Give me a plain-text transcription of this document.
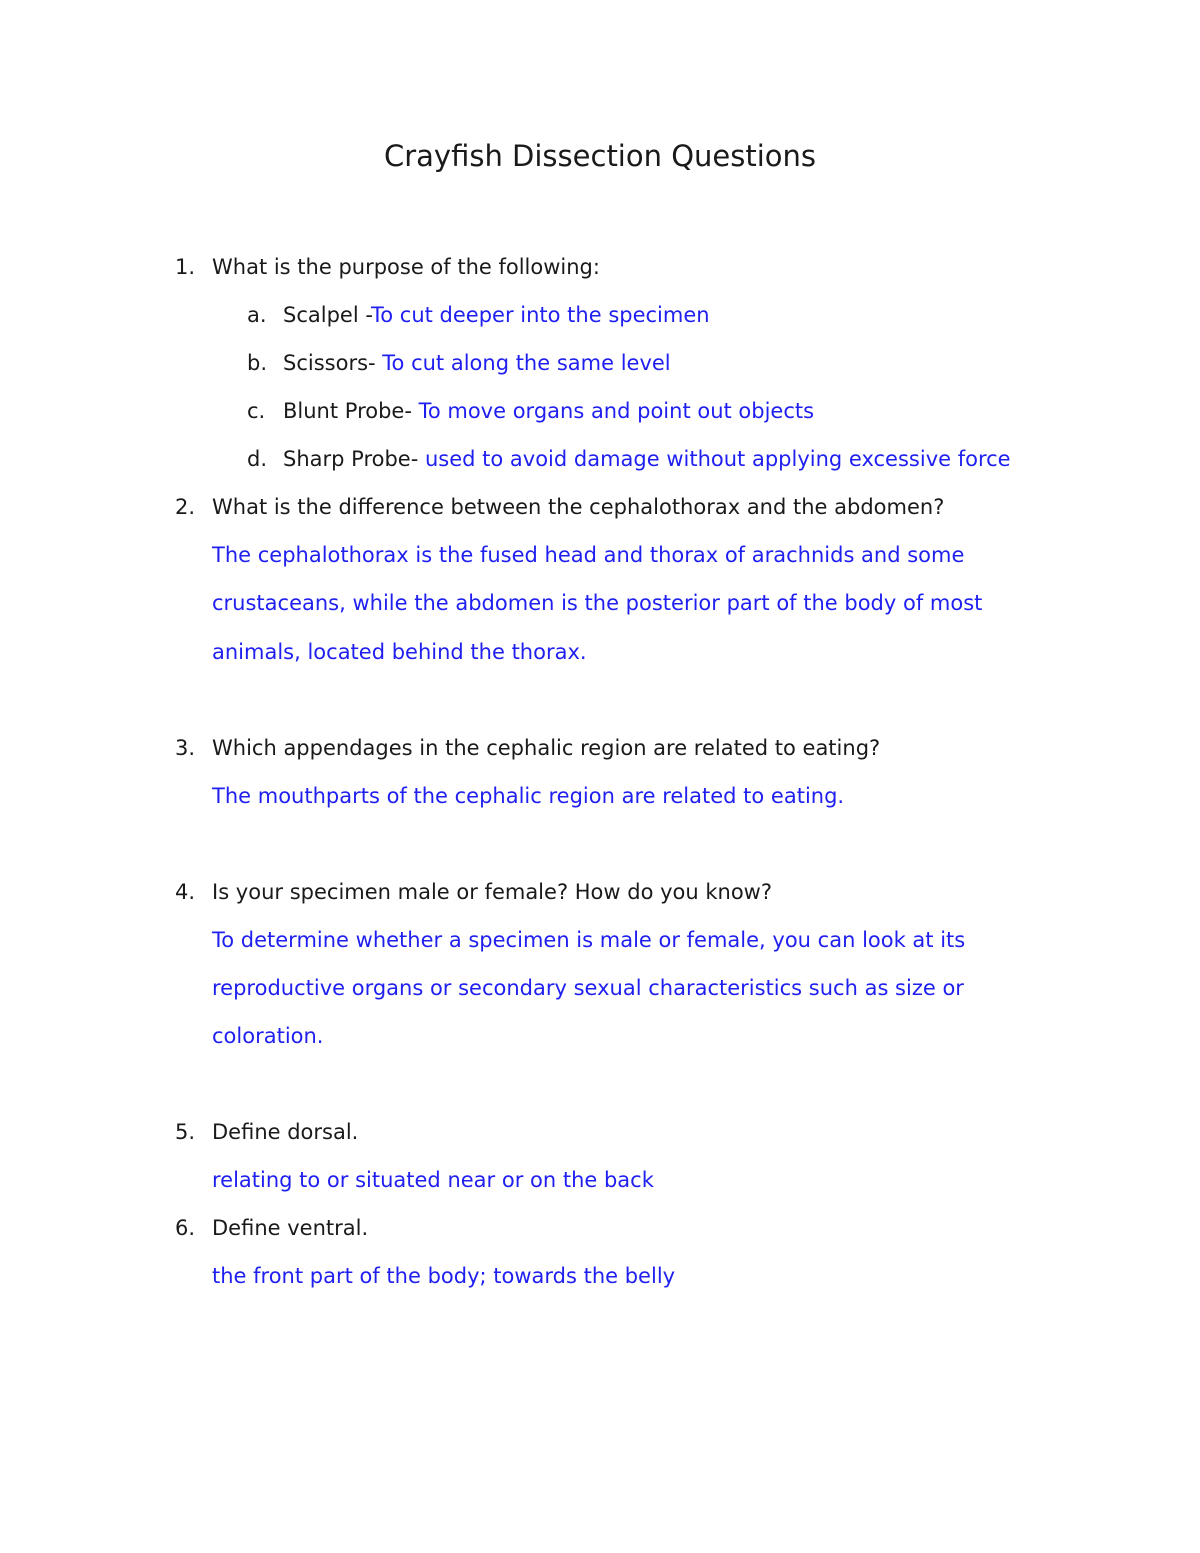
Crayfish Dissection Questions
1. What is the purpose of the following:
a. Scalpel -To cut deeper into the specimen
b. Scissors- To cut along the same level
c. Blunt Probe- To move organs and point out objects
d. Sharp Probe- used to avoid damage without applying excessive force
2. What is the difference between the cephalothorax and the abdomen?
The cephalothorax is the fused head and thorax of arachnids and some
crustaceans, while the abdomen is the posterior part of the body of most
animals, located behind the thorax.
3. Which appendages in the cephalic region are related to eating?
The mouthparts of the cephalic region are related to eating.
4. Is your specimen male or female? How do you know?
To determine whether a specimen is male or female, you can look at its
reproductive organs or secondary sexual characteristics such as size or
coloration.
5. Define dorsal.
relating to or situated near or on the back
6. Define ventral.
the front part of the body; towards the belly
